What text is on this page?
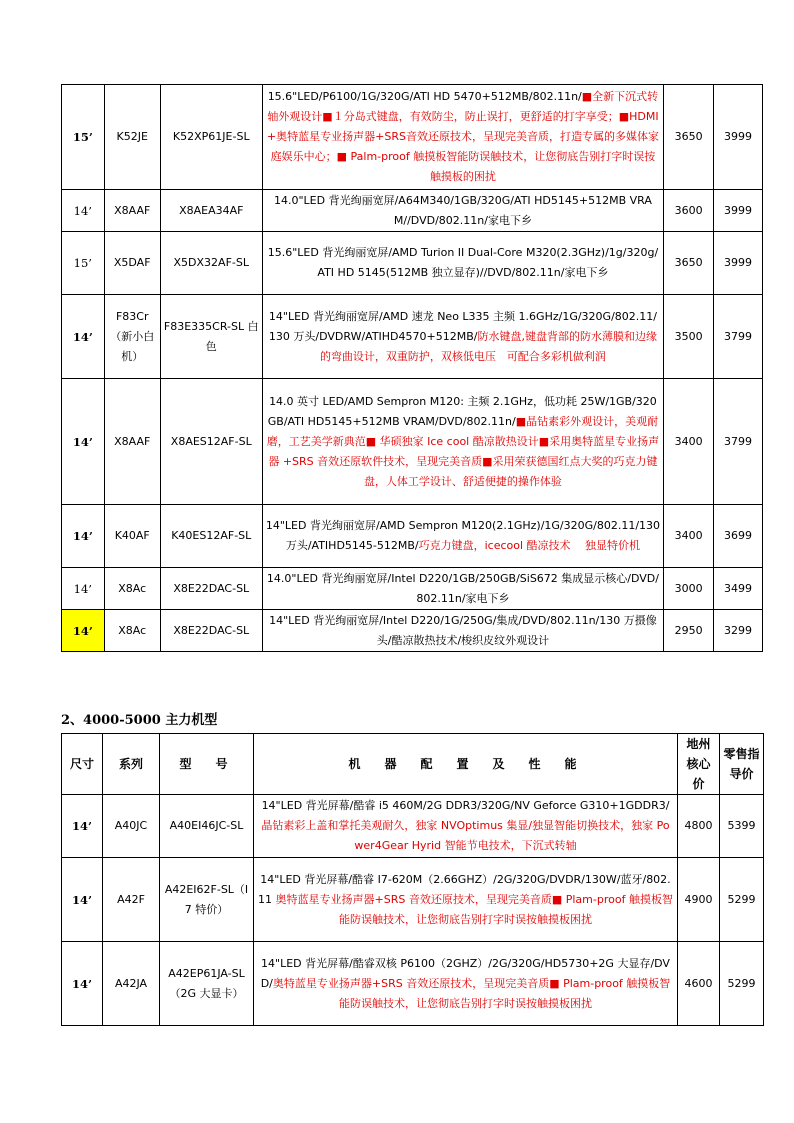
15’	K52JE	K52XP61JE-SL	15.6"LED/P6100/1G/320G/ATI HD 5470+512MB/802.11n/■全新下沉式转轴外观设计■１分岛式键盘，有效防尘，防止误打，更舒适的打字享受；■HDMI+奥特蓝星专业扬声器+SRS音效还原技术，呈现完美音质，打造专属的多媒体家庭娱乐中心；■ Palm-proof 触摸板智能防误触技术，让您彻底告别打字时误按触摸板的困扰	3650	3999
14’	X8AAF	X8AEA34AF	14.0"LED 背光绚丽宽屏/A64M340/1GB/320G/ATI HD5145+512MB VRAM//DVD/802.11n/家电下乡	3600	3999
15’	X5DAF	X5DX32AF-SL	15.6"LED 背光绚丽宽屏/AMD Turion II Dual-Core M320(2.3GHz)/1g/320g/ATI HD 5145(512MB 独立显存)//DVD/802.11n/家电下乡	3650	3999
14’	F83Cr（新小白机）	F83E335CR-SL 白色	14"LED 背光绚丽宽屏/AMD 速龙 Neo L335 主频 1.6GHz/1G/320G/802.11/130 万头/DVDRW/ATIHD4570+512MB/防水键盘,键盘背部的防水薄膜和边缘的弯曲设计，双重防护，双核低电压　可配合多彩机做利润	3500	3799
14’	X8AAF	X8AES12AF-SL	14.0 英寸 LED/AMD Sempron M120: 主频 2.1GHz，低功耗 25W/1GB/320GB/ATI HD5145+512MB VRAM/DVD/802.11n/■晶钻素彩外观设计，美观耐磨，工艺美学新典范■ 华硕独家 Ice cool 酷凉散热设计■采用奥特蓝星专业扬声器 +SRS 音效还原软件技术，呈现完美音质■采用荣获德国红点大奖的巧克力键盘，人体工学设计、舒适便捷的操作体验	3400	3799
14’	K40AF	K40ES12AF-SL	14"LED 背光绚丽宽屏/AMD Sempron M120(2.1GHz)/1G/320G/802.11/130 万头/ATIHD5145-512MB/巧克力键盘，icecool 酷凉技术　 独显特价机	3400	3699
14’	X8Ac	X8E22DAC-SL	14.0"LED 背光绚丽宽屏/Intel D220/1GB/250GB/SiS672 集成显示核心/DVD/802.11n/家电下乡	3000	3499
14’	X8Ac	X8E22DAC-SL	14"LED 背光绚丽宽屏/Intel D220/1G/250G/集成/DVD/802.11n/130 万摄像头/酷凉散热技术/梭织皮纹外观设计	2950	3299

2、4000-5000 主力机型

尺寸	系列	型　号	机　器　配　置　及　性　能	地州核心价	零售指导价
14’	A40JC	A40EI46JC-SL	14"LED 背光屏幕/酷睿 i5 460M/2G DDR3/320G/NV Geforce G310+1GDDR3/晶钻素彩上盖和掌托美观耐久，独家 NVOptimus 集显/独显智能切换技术，独家 Power4Gear Hyrid 智能节电技术，下沉式转轴	4800	5399
14’	A42F	A42EI62F-SL（I7 特价）	14"LED 背光屏幕/酷睿 I7-620M（2.66GHZ）/2G/320G/DVDR/130W/蓝牙/802.11 奥特蓝星专业扬声器+SRS 音效还原技术，呈现完美音质■ Plam-proof 触摸板智能防误触技术，让您彻底告别打字时误按触摸板困扰	4900	5299
14’	A42JA	A42EP61JA-SL（2G 大显卡）	14"LED 背光屏幕/酷睿双核 P6100（2GHZ）/2G/320G/HD5730+2G 大显存/DVD/奥特蓝星专业扬声器+SRS 音效还原技术，呈现完美音质■ Plam-proof 触摸板智能防误触技术，让您彻底告别打字时误按触摸板困扰	4600	5299
